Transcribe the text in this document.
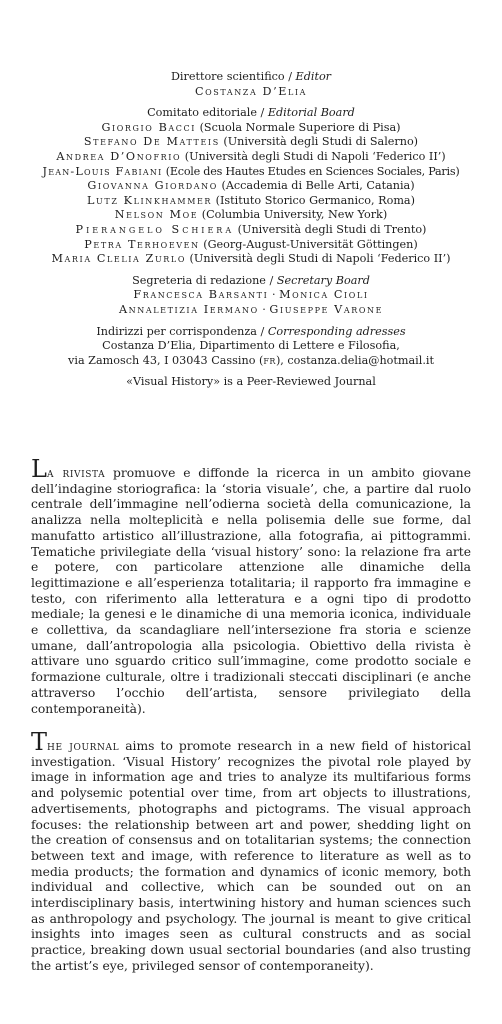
Direttore scientifico / Editor
Costanza D’Elia
Comitato editoriale / Editorial Board
Giorgio Bacci (Scuola Normale Superiore di Pisa)
Stefano De Matteis (Università degli Studi di Salerno)
Andrea D’Onofrio (Università degli Studi di Napoli ‘Federico II’)
Jean-Louis Fabiani (Ecole des Hautes Etudes en Sciences Sociales, Paris)
Giovanna Giordano (Accademia di Belle Arti, Catania)
Lutz Klinkhammer (Istituto Storico Germanico, Roma)
Nelson Moe (Columbia University, New York)
Pierangelo Schiera (Università degli Studi di Trento)
Petra Terhoeven (Georg-August-Universität Göttingen)
Maria Clelia Zurlo (Università degli Studi di Napoli ‘Federico II’)
Segreteria di redazione / Secretary Board
Francesca Barsanti · Monica Cioli
Annaletizia Iermano · Giuseppe Varone
Indirizzi per corrispondenza / Corresponding adresses
Costanza D’Elia, Dipartimento di Lettere e Filosofia,
via Zamosch 43, I 03043 Cassino (fr), costanza.delia@hotmail.it
«Visual History» is a Peer-Reviewed Journal

La rivista promuove e diffonde la ricerca in un ambito giovane dell’indagine storiografica: la ‘storia visuale’, che, a partire dal ruolo centrale dell’immagine nell’odierna società della comunicazione, la analizza nella molteplicità e nella polisemia delle sue forme, dal manufatto artistico all’illustrazione, alla fotografia, ai pittogrammi. Tematiche privilegiate della ‘visual history’ sono: la relazione fra arte e potere, con particolare attenzione alle dinamiche della legittimazione e all’esperienza totalitaria; il rapporto fra immagine e testo, con riferimento alla letteratura e a ogni tipo di prodotto mediale; la genesi e le dinamiche di una memoria iconica, individuale e collettiva, da scandagliare nell’intersezione fra storia e scienze umane, dall’antropologia alla psicologia. Obiettivo della rivista è attivare uno sguardo critico sull’immagine, come prodotto sociale e formazione culturale, oltre i tradizionali steccati disciplinari (e anche attraverso l’occhio dell’artista, sensore privilegiato della contemporaneità).

The journal aims to promote research in a new field of historical investigation. ‘Visual History’ recognizes the pivotal role played by image in information age and tries to analyze its multifarious forms and polysemic potential over time, from art objects to illustrations, advertisements, photographs and pictograms. The visual approach focuses: the relationship between art and power, shedding light on the creation of consensus and on totalitarian systems; the connection between text and image, with reference to literature as well as to media products; the formation and dynamics of iconic memory, both individual and collective, which can be sounded out on an interdisciplinary basis, intertwining history and human sciences such as anthropology and psychology. The journal is meant to give critical insights into images seen as cultural constructs and as social practice, breaking down usual sectorial boundaries (and also trusting the artist’s eye, privileged sensor of contemporaneity).
